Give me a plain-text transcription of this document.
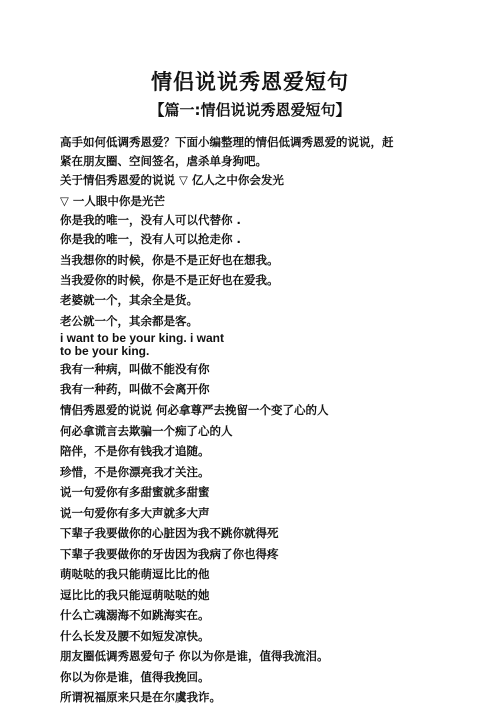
情侣说说秀恩爱短句
【篇一:情侣说说秀恩爱短句】
高手如何低调秀恩爱？下面小编整理的情侣低调秀恩爱的说说，赶
紧在朋友圈、空间签名，虐杀单身狗吧。
关于情侣秀恩爱的说说 ▽ 亿人之中你会发光
▽ 一人眼中你是光芒
你是我的唯一，没有人可以代替你 .
你是我的唯一，没有人可以抢走你 .
当我想你的时候，你是不是正好也在想我。
当我爱你的时候，你是不是正好也在爱我。
老婆就一个，其余全是货。
老公就一个，其余都是客。
i want to be your king. i want
to be your king.
我有一种病，叫做不能没有你
我有一种药，叫做不会离开你
情侣秀恩爱的说说 何必拿尊严去挽留一个变了心的人
何必拿谎言去欺骗一个痴了心的人
陪伴，不是你有钱我才追随。
珍惜，不是你漂亮我才关注。
说一句爱你有多甜蜜就多甜蜜
说一句爱你有多大声就多大声
下辈子我要做你的心脏因为我不跳你就得死
下辈子我要做你的牙齿因为我病了你也得疼
萌哒哒的我只能萌逗比比的他
逗比比的我只能逗萌哒哒的她
什么亡魂溺海不如跳海实在。
什么长发及腰不如短发凉快。
朋友圈低调秀恩爱句子 你以为你是谁，值得我流泪。
你以为你是谁，值得我挽回。
所谓祝福原来只是在尔虞我诈。
